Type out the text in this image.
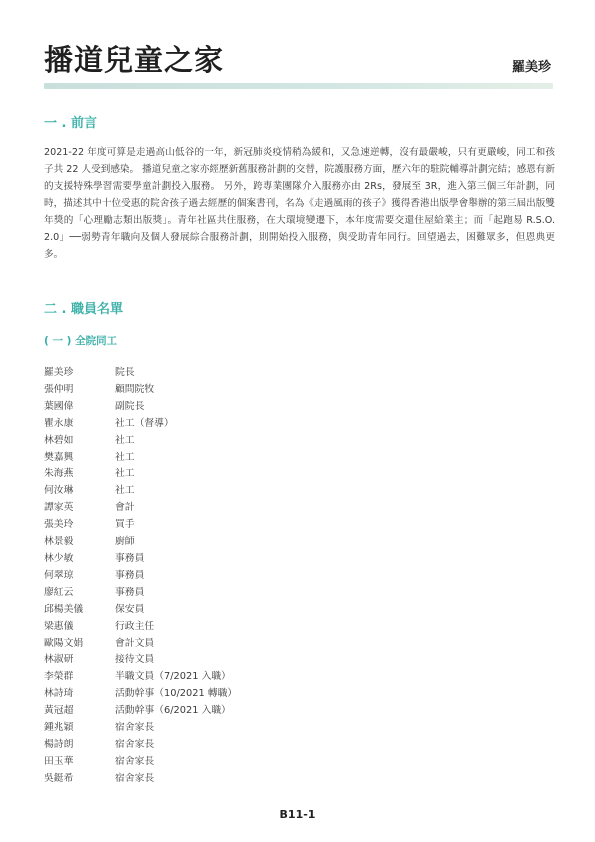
播道兒童之家	羅美珍
一 . 前言

2021-22 年度可算是走過高山低谷的一年，新冠肺炎疫情稍為緩和，又急速逆轉，沒有最嚴峻，只有更嚴峻，同工和孩子共 22 人受到感染。 播道兒童之家亦經歷新舊服務計劃的交替，院護服務方面，歷六年的駐院輔導計劃完結；感恩有新的支援特殊學習需要學童計劃投入服務。 另外，跨專業團隊介入服務亦由 2Rs，發展至 3R，進入第三個三年計劃，同時，描述其中十位受惠的院舍孩子過去經歷的個案書刊，名為《走過風雨的孩子》獲得香港出版學會舉辦的第三屆出版雙年獎的「心理勵志類出版獎」。青年社區共住服務，在大環境變遷下，本年度需要交還住屋給業主；而「起跑易 R.S.O. 2.0」──弱勢青年職向及個人發展綜合服務計劃，則開始投入服務，與受助青年同行。回望過去，困難眾多，但恩典更多。

二 . 職員名單
( 一 ) 全院同工
羅美珍	院長
張仲明	顧問院牧
葉國偉	副院長
瞿永康	社工（督導）
林碧如	社工
樊嘉興	社工
朱海燕	社工
何汝琳	社工
譚家英	會計
張美玲	買手
林景毅	廚師
林少敏	事務員
何翠琼	事務員
廖紅云	事務員
邱楊美儀	保安員
梁惠儀	行政主任
歐陽文娟	會計文員
林淑研	接待文員
李榮群	半職文員（7/2021 入職）
林詩琦	活動幹事（10/2021 轉職）
黃冠超	活動幹事（6/2021 入職）
鍾兆穎	宿舍家長
楊詩朗	宿舍家長
田玉華	宿舍家長
吳鋌希	宿舍家長
B11-1
